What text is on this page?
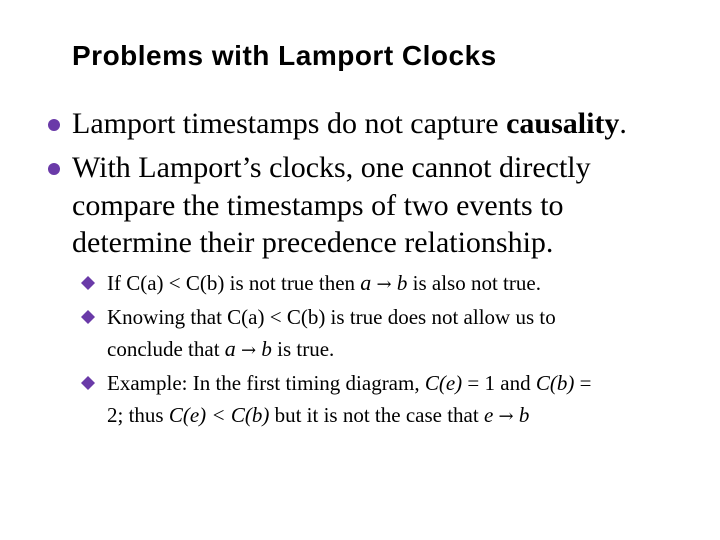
Problems with Lamport Clocks
Lamport timestamps do not capture causality.
With Lamport’s clocks, one cannot directly
compare the timestamps of two events to
determine their precedence relationship.
If C(a) < C(b) is not true then a → b is also not true.
Knowing that C(a) < C(b) is true does not allow us to
conclude that a → b is true.
Example: In the first timing diagram, C(e) = 1 and C(b) =
2; thus C(e) < C(b) but it is not the case that e → b
